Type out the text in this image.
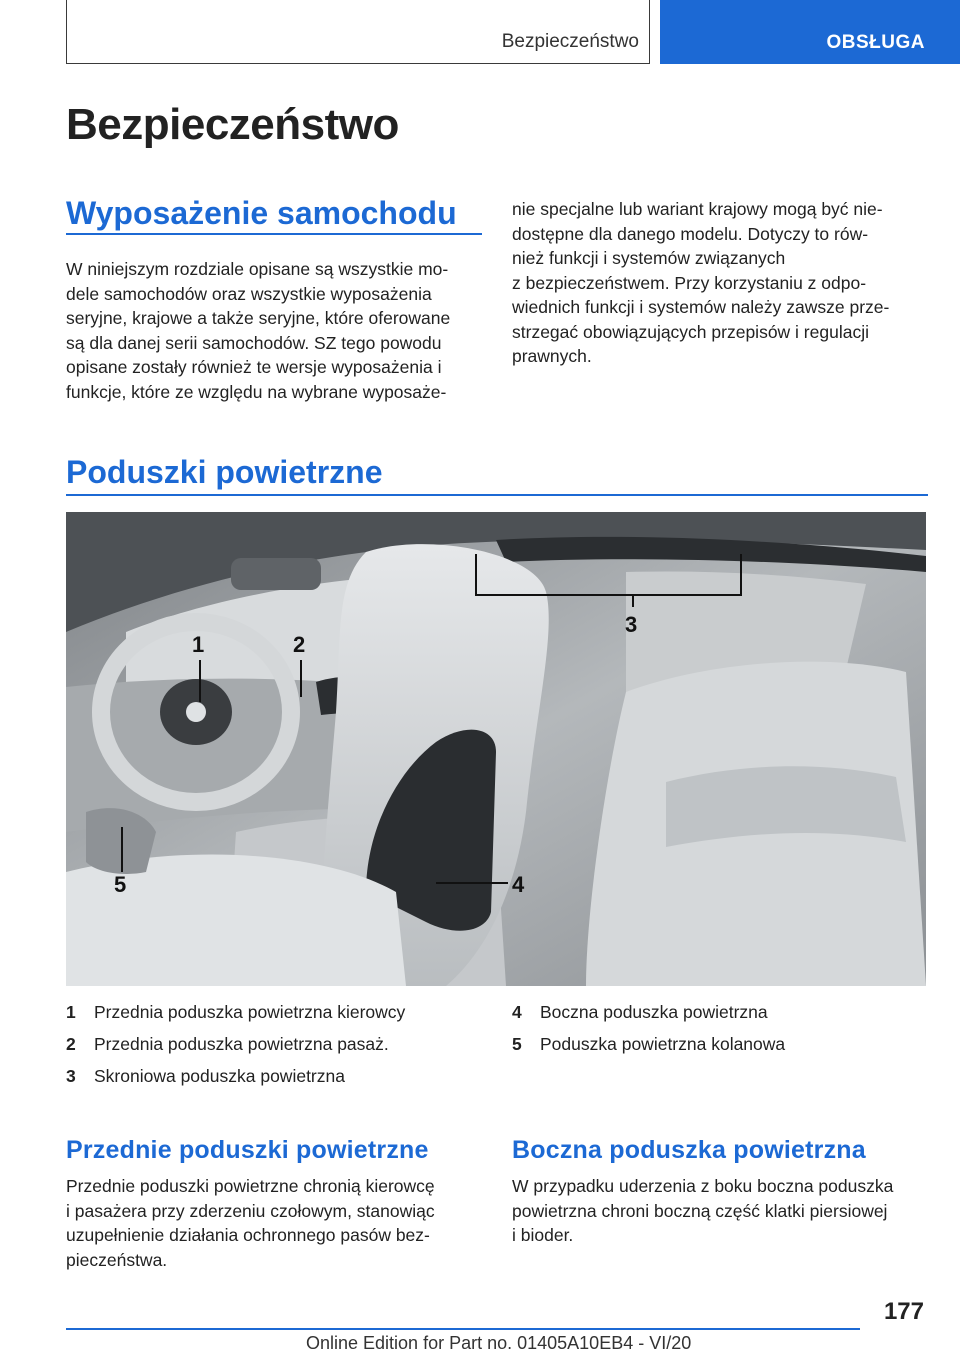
Bezpieczeństwo	OBSŁUGA
Bezpieczeństwo
Wyposażenie samochodu
W niniejszym rozdziale opisane są wszystkie mo-
dele samochodów oraz wszystkie wyposażenia
seryjne, krajowe a także seryjne, które oferowane
są dla danej serii samochodów. SZ tego powodu
opisane zostały również te wersje wyposażenia i
funkcje, które ze względu na wybrane wyposaże-
nie specjalne lub wariant krajowy mogą być nie-
dostępne dla danego modelu. Dotyczy to rów-
nież funkcji i systemów związanych
z bezpieczeństwem. Przy korzystaniu z odpo-
wiednich funkcji i systemów należy zawsze prze-
strzegać obowiązujących przepisów i regulacji
prawnych.
Poduszki powietrzne
1	2
3
4
5
1 Przednia poduszka powietrzna kierowcy
2 Przednia poduszka powietrzna pasaż.
3 Skroniowa poduszka powietrzna
4 Boczna poduszka powietrzna
5 Poduszka powietrzna kolanowa
Przednie poduszki powietrzne
Przednie poduszki powietrzne chronią kierowcę
i pasażera przy zderzeniu czołowym, stanowiąc
uzupełnienie działania ochronnego pasów bez-
pieczeństwa.
Boczna poduszka powietrzna
W przypadku uderzenia z boku boczna poduszka
powietrzna chroni boczną część klatki piersiowej
i bioder.
177
Online Edition for Part no. 01405A10EB4 - VI/20
